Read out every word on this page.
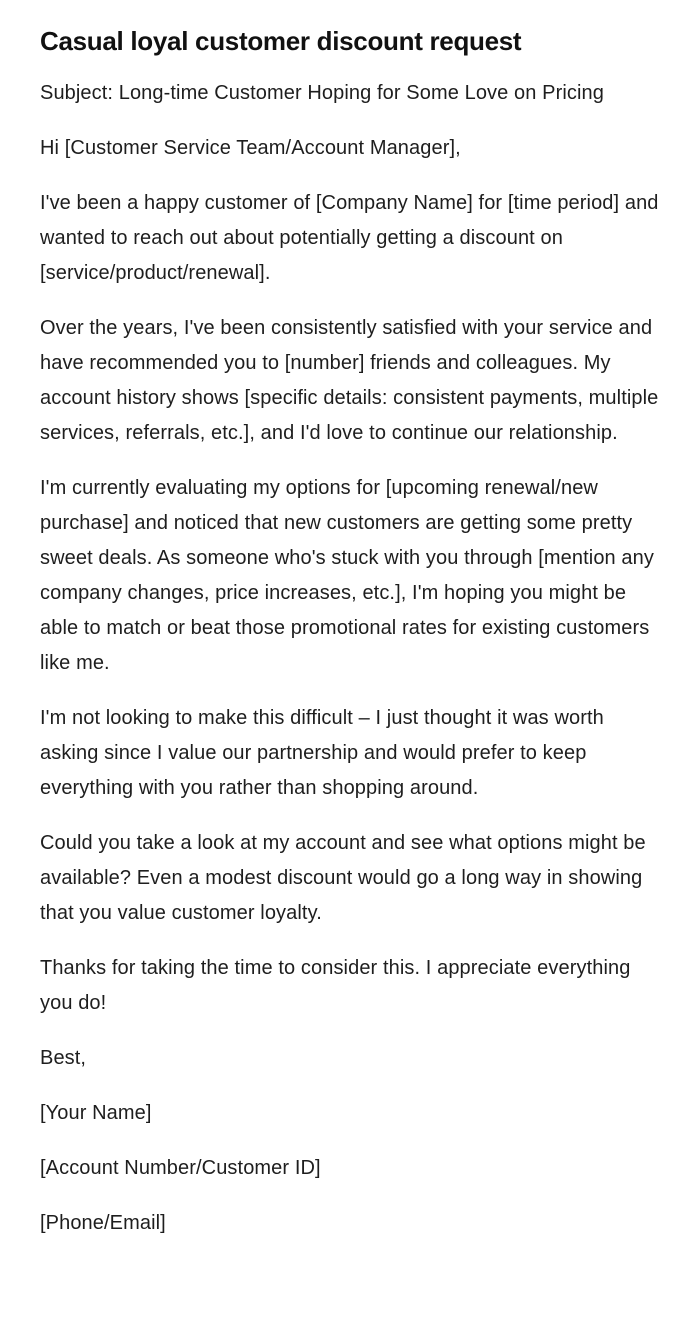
Casual loyal customer discount request

Subject: Long-time Customer Hoping for Some Love on Pricing

Hi [Customer Service Team/Account Manager],

I've been a happy customer of [Company Name] for [time period] and wanted to reach out about potentially getting a discount on [service/product/renewal].

Over the years, I've been consistently satisfied with your service and have recommended you to [number] friends and colleagues. My account history shows [specific details: consistent payments, multiple services, referrals, etc.], and I'd love to continue our relationship.

I'm currently evaluating my options for [upcoming renewal/new purchase] and noticed that new customers are getting some pretty sweet deals. As someone who's stuck with you through [mention any company changes, price increases, etc.], I'm hoping you might be able to match or beat those promotional rates for existing customers like me.

I'm not looking to make this difficult – I just thought it was worth asking since I value our partnership and would prefer to keep everything with you rather than shopping around.

Could you take a look at my account and see what options might be available? Even a modest discount would go a long way in showing that you value customer loyalty.

Thanks for taking the time to consider this. I appreciate everything you do!

Best,

[Your Name]

[Account Number/Customer ID]

[Phone/Email]
